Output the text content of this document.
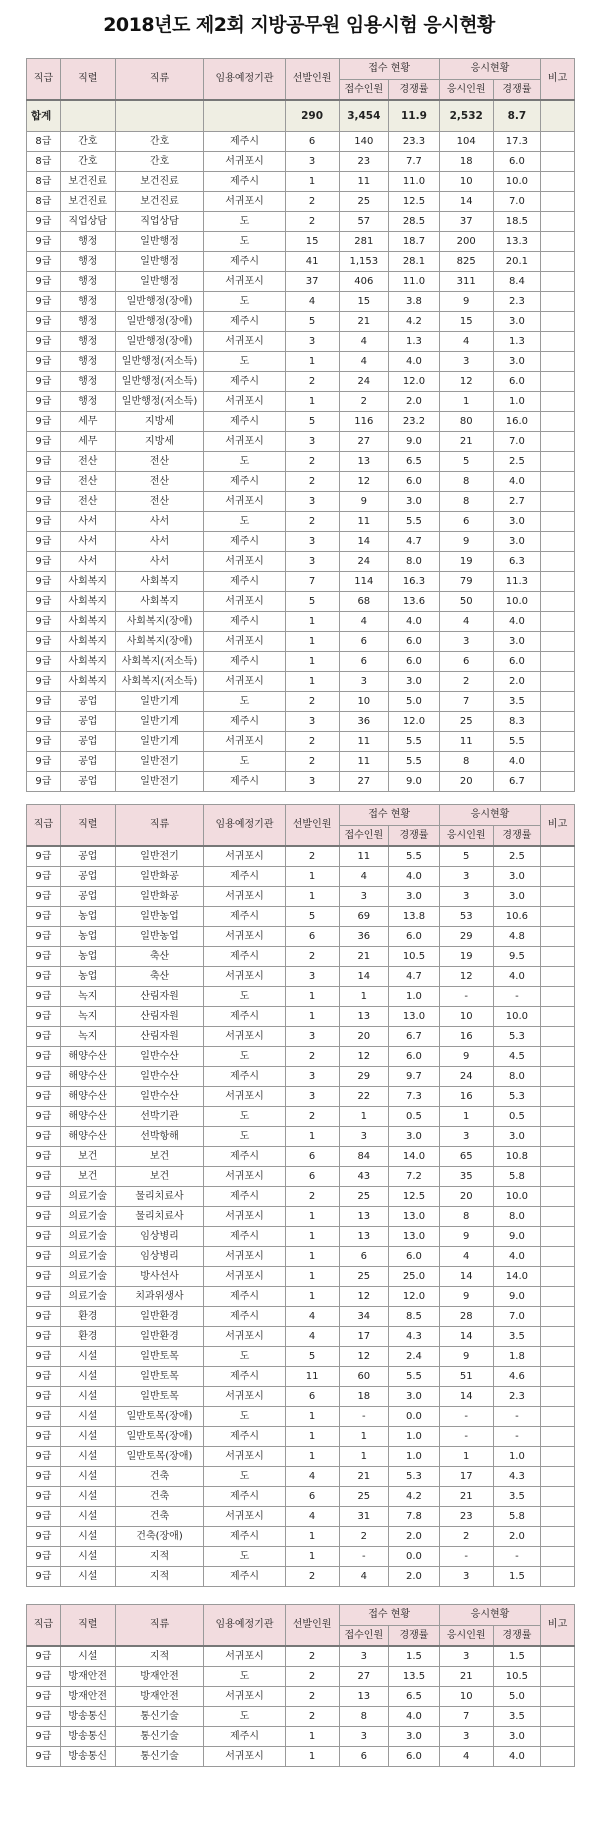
2018년도 제2회 지방공무원 임용시험 응시현황
직급	직렬	직류	임용예정기관	선발인원	접수 현황		응시현황		비고
					접수인원	경쟁률	응시인원	경쟁률	
합계				290	3,454	11.9	2,532	8.7	
8급	간호	간호	제주시	6	140	23.3	104	17.3	
8급	간호	간호	서귀포시	3	23	7.7	18	6.0	
8급	보건진료	보건진료	제주시	1	11	11.0	10	10.0	
8급	보건진료	보건진료	서귀포시	2	25	12.5	14	7.0	
9급	직업상담	직업상담	도	2	57	28.5	37	18.5	
9급	행정	일반행정	도	15	281	18.7	200	13.3	
9급	행정	일반행정	제주시	41	1,153	28.1	825	20.1	
9급	행정	일반행정	서귀포시	37	406	11.0	311	8.4	
9급	행정	일반행정(장애)	도	4	15	3.8	9	2.3	
9급	행정	일반행정(장애)	제주시	5	21	4.2	15	3.0	
9급	행정	일반행정(장애)	서귀포시	3	4	1.3	4	1.3	
9급	행정	일반행정(저소득)	도	1	4	4.0	3	3.0	
9급	행정	일반행정(저소득)	제주시	2	24	12.0	12	6.0	
9급	행정	일반행정(저소득)	서귀포시	1	2	2.0	1	1.0	
9급	세무	지방세	제주시	5	116	23.2	80	16.0	
9급	세무	지방세	서귀포시	3	27	9.0	21	7.0	
9급	전산	전산	도	2	13	6.5	5	2.5	
9급	전산	전산	제주시	2	12	6.0	8	4.0	
9급	전산	전산	서귀포시	3	9	3.0	8	2.7	
9급	사서	사서	도	2	11	5.5	6	3.0	
9급	사서	사서	제주시	3	14	4.7	9	3.0	
9급	사서	사서	서귀포시	3	24	8.0	19	6.3	
9급	사회복지	사회복지	제주시	7	114	16.3	79	11.3	
9급	사회복지	사회복지	서귀포시	5	68	13.6	50	10.0	
9급	사회복지	사회복지(장애)	제주시	1	4	4.0	4	4.0	
9급	사회복지	사회복지(장애)	서귀포시	1	6	6.0	3	3.0	
9급	사회복지	사회복지(저소득)	제주시	1	6	6.0	6	6.0	
9급	사회복지	사회복지(저소득)	서귀포시	1	3	3.0	2	2.0	
9급	공업	일반기계	도	2	10	5.0	7	3.5	
9급	공업	일반기계	제주시	3	36	12.0	25	8.3	
9급	공업	일반기계	서귀포시	2	11	5.5	11	5.5	
9급	공업	일반전기	도	2	11	5.5	8	4.0	
9급	공업	일반전기	제주시	3	27	9.0	20	6.7	
직급	직렬	직류	임용예정기관	선발인원	접수 현황		응시현황		비고
					접수인원	경쟁률	응시인원	경쟁률	
9급	공업	일반전기	서귀포시	2	11	5.5	5	2.5	
9급	공업	일반화공	제주시	1	4	4.0	3	3.0	
9급	공업	일반화공	서귀포시	1	3	3.0	3	3.0	
9급	농업	일반농업	제주시	5	69	13.8	53	10.6	
9급	농업	일반농업	서귀포시	6	36	6.0	29	4.8	
9급	농업	축산	제주시	2	21	10.5	19	9.5	
9급	농업	축산	서귀포시	3	14	4.7	12	4.0	
9급	녹지	산림자원	도	1	1	1.0	-	-	
9급	녹지	산림자원	제주시	1	13	13.0	10	10.0	
9급	녹지	산림자원	서귀포시	3	20	6.7	16	5.3	
9급	해양수산	일반수산	도	2	12	6.0	9	4.5	
9급	해양수산	일반수산	제주시	3	29	9.7	24	8.0	
9급	해양수산	일반수산	서귀포시	3	22	7.3	16	5.3	
9급	해양수산	선박기관	도	2	1	0.5	1	0.5	
9급	해양수산	선박항해	도	1	3	3.0	3	3.0	
9급	보건	보건	제주시	6	84	14.0	65	10.8	
9급	보건	보건	서귀포시	6	43	7.2	35	5.8	
9급	의료기술	물리치료사	제주시	2	25	12.5	20	10.0	
9급	의료기술	물리치료사	서귀포시	1	13	13.0	8	8.0	
9급	의료기술	임상병리	제주시	1	13	13.0	9	9.0	
9급	의료기술	임상병리	서귀포시	1	6	6.0	4	4.0	
9급	의료기술	방사선사	서귀포시	1	25	25.0	14	14.0	
9급	의료기술	치과위생사	제주시	1	12	12.0	9	9.0	
9급	환경	일반환경	제주시	4	34	8.5	28	7.0	
9급	환경	일반환경	서귀포시	4	17	4.3	14	3.5	
9급	시설	일반토목	도	5	12	2.4	9	1.8	
9급	시설	일반토목	제주시	11	60	5.5	51	4.6	
9급	시설	일반토목	서귀포시	6	18	3.0	14	2.3	
9급	시설	일반토목(장애)	도	1	-	0.0	-	-	
9급	시설	일반토목(장애)	제주시	1	1	1.0	-	-	
9급	시설	일반토목(장애)	서귀포시	1	1	1.0	1	1.0	
9급	시설	건축	도	4	21	5.3	17	4.3	
9급	시설	건축	제주시	6	25	4.2	21	3.5	
9급	시설	건축	서귀포시	4	31	7.8	23	5.8	
9급	시설	건축(장애)	제주시	1	2	2.0	2	2.0	
9급	시설	지적	도	1	-	0.0	-	-	
9급	시설	지적	제주시	2	4	2.0	3	1.5	
직급	직렬	직류	임용예정기관	선발인원	접수 현황		응시현황		비고
					접수인원	경쟁률	응시인원	경쟁률	
9급	시설	지적	서귀포시	2	3	1.5	3	1.5	
9급	방재안전	방재안전	도	2	27	13.5	21	10.5	
9급	방재안전	방재안전	서귀포시	2	13	6.5	10	5.0	
9급	방송통신	통신기술	도	2	8	4.0	7	3.5	
9급	방송통신	통신기술	제주시	1	3	3.0	3	3.0	
9급	방송통신	통신기술	서귀포시	1	6	6.0	4	4.0	
